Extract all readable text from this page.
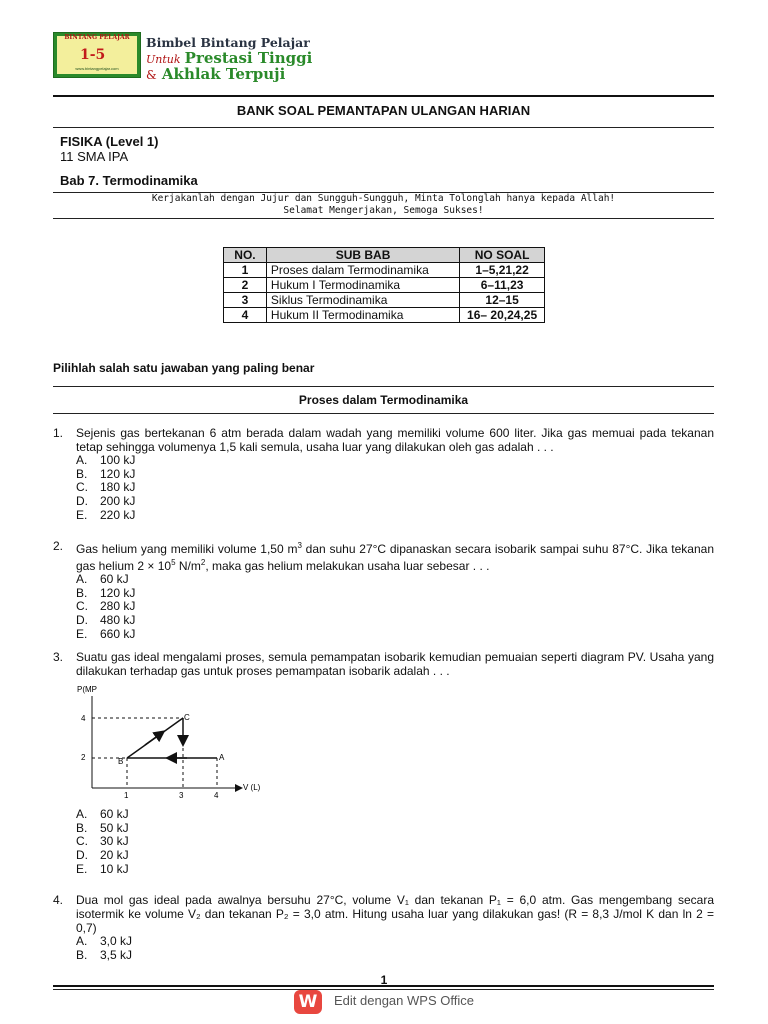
BINTANG PELAJAR
1-5
www.bintangpelajar.com
Bimbel Bintang Pelajar
Untuk Prestasi Tinggi
& Akhlak Terpuji
BANK SOAL PEMANTAPAN ULANGAN HARIAN
FISIKA (Level 1)
11 SMA IPA
Bab 7. Termodinamika
Kerjakanlah dengan Jujur dan Sungguh-Sungguh, Minta Tolonglah hanya kepada Allah!
Selamat Mengerjakan, Semoga Sukses!
NO.	SUB BAB	NO SOAL
1	Proses dalam Termodinamika	1–5,21,22
2	Hukum I Termodinamika	6–11,23
3	Siklus Termodinamika	12–15
4	Hukum II Termodinamika	16– 20,24,25
Pilihlah salah satu jawaban yang paling benar
Proses dalam Termodinamika
1. Sejenis gas bertekanan 6 atm berada dalam wadah yang memiliki volume 600 liter. Jika gas memuai pada tekanan tetap sehingga volumenya 1,5 kali semula, usaha luar yang dilakukan oleh gas adalah . . .
A. 100 kJ
B. 120 kJ
C. 180 kJ
D. 200 kJ
E. 220 kJ
2. Gas helium yang memiliki volume 1,50 $m^3$ dan suhu 27°C dipanaskan secara isobarik sampai suhu 87°C. Jika tekanan gas helium $2 \times 10^5$ $N/m^2$, maka gas helium melakukan usaha luar sebesar . . .
A. 60 kJ
B. 120 kJ
C. 280 kJ
D. 480 kJ
E. 660 kJ
3. Suatu gas ideal mengalami proses, semula pemampatan isobarik kemudian pemuaian seperti diagram PV. Usaha yang dilakukan terhadap gas untuk proses pemampatan isobarik adalah . . .
P(MP
V (L)
4
2
1	3	4
A
B
C
A. 60 kJ
B. 50 kJ
C. 30 kJ
D. 20 kJ
E. 10 kJ
4. Dua mol gas ideal pada awalnya bersuhu 27°C, volume V₁ dan tekanan P₁ = 6,0 atm. Gas mengembang secara isotermik ke volume V₂ dan tekanan P₂ = 3,0 atm. Hitung usaha luar yang dilakukan gas! (R = 8,3 J/mol K dan ln 2 = 0,7)
A. 3,0 kJ
B. 3,5 kJ
1
W	Edit dengan WPS Office
